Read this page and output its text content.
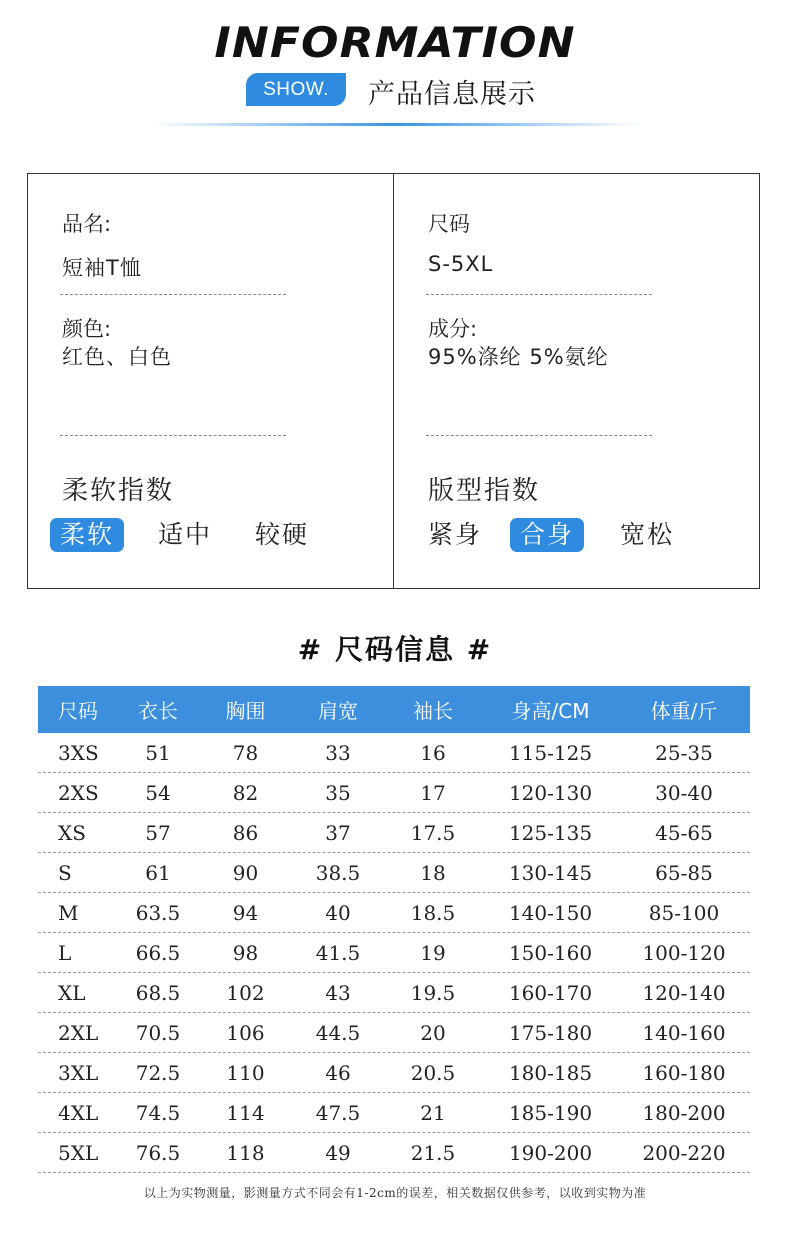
INFORMATION
SHOW.	产品信息展示
品名:
短袖T恤
尺码
S-5XL
颜色:
红色、白色
成分:
95%涤纶 5%氨纶
柔软指数
柔软	适中 较硬
版型指数
紧身	合身	宽松
# 尺码信息 #
尺码	衣长	胸围	肩宽	袖长	身高/CM	体重/斤
3XS	51	78	33	16	115-125	25-35
2XS	54	82	35	17	120-130	30-40
XS	57	86	37	17.5	125-135	45-65
S	61	90	38.5	18	130-145	65-85
M	63.5	94	40	18.5	140-150	85-100
L	66.5	98	41.5	19	150-160	100-120
XL	68.5	102	43	19.5	160-170	120-140
2XL	70.5	106	44.5	20	175-180	140-160
3XL	72.5	110	46	20.5	180-185	160-180
4XL	74.5	114	47.5	21	185-190	180-200
5XL	76.5	118	49	21.5	190-200	200-220
以上为实物测量，影测量方式不同会有1-2cm的误差，相关数据仅供参考，以收到实物为准
